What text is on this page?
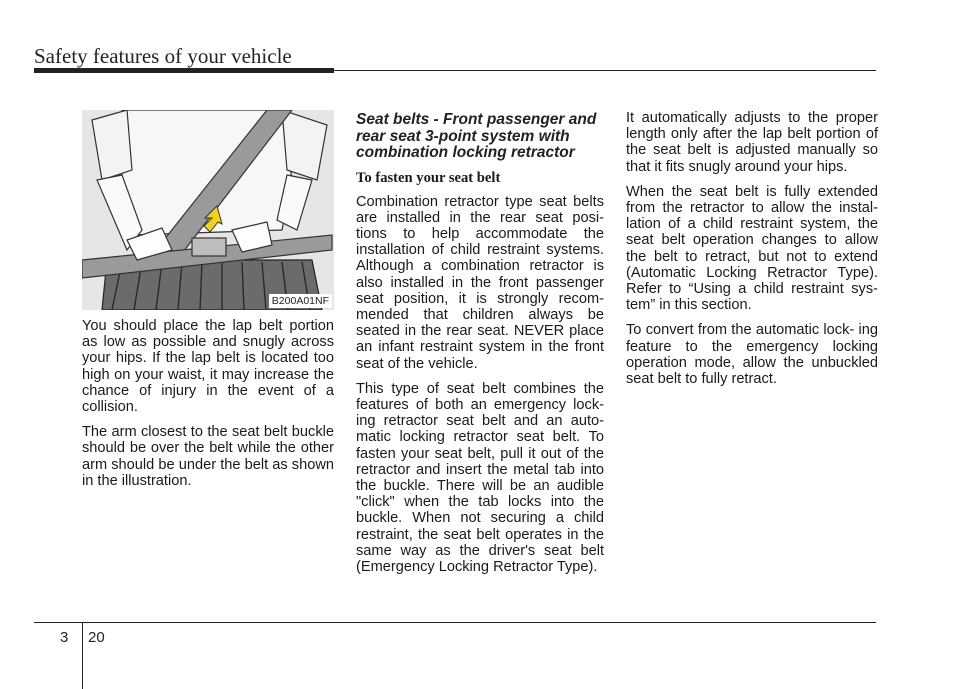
Safety features of your vehicle
B200A01NF

You should place the lap belt portion as low as possible and snugly across your hips. If the lap belt is located too high on your waist, it may increase the chance of injury in the event of a collision.

The arm closest to the seat belt buckle should be over the belt while the other arm should be under the belt as shown in the illustration.

Seat belts - Front passenger and rear seat 3-point system with combination locking retractor
To fasten your seat belt

Combination retractor type seat belts are installed in the rear seat posi- tions to help accommodate the installation of child restraint systems. Although a combination retractor is also installed in the front passenger seat position, it is strongly recom- mended that children always be seated in the rear seat. NEVER place an infant restraint system in the front seat of the vehicle.

This type of seat belt combines the features of both an emergency lock- ing retractor seat belt and an auto- matic locking retractor seat belt. To fasten your seat belt, pull it out of the retractor and insert the metal tab into the buckle. There will be an audible "click" when the tab locks into the buckle. When not securing a child restraint, the seat belt operates in the same way as the driver's seat belt (Emergency Locking Retractor Type).

It automatically adjusts to the proper length only after the lap belt portion of the seat belt is adjusted manually so that it fits snugly around your hips.

When the seat belt is fully extended from the retractor to allow the instal- lation of a child restraint system, the seat belt operation changes to allow the belt to retract, but not to extend (Automatic Locking Retractor Type). Refer to “Using a child restraint sys- tem” in this section.

To convert from the automatic lock- ing feature to the emergency locking operation mode, allow the unbuckled seat belt to fully retract.

3 20
